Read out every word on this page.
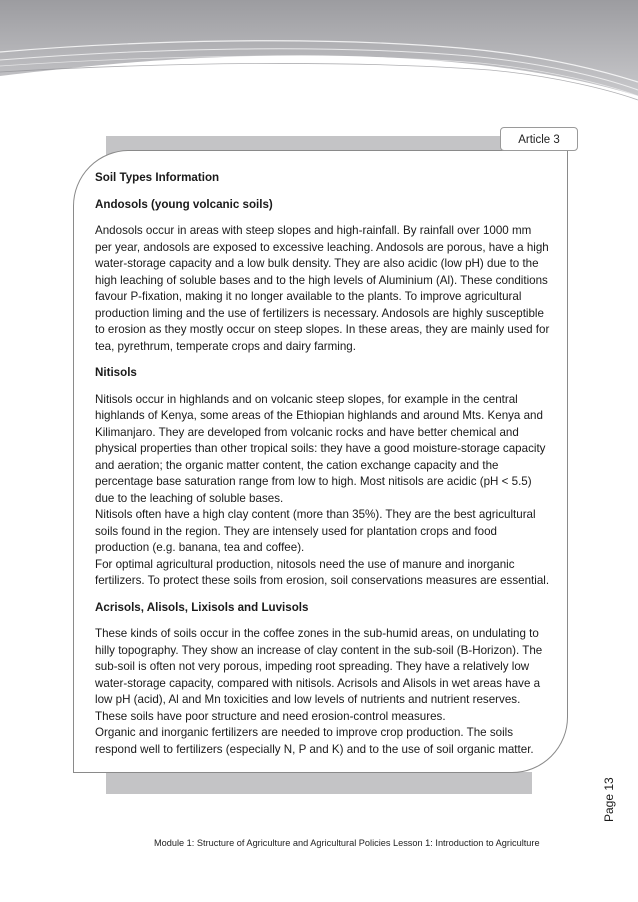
Article 3
Soil Types Information
Andosols (young volcanic soils)

Andosols occur in areas with steep slopes and high-rainfall. By rainfall over 1000 mm per year, andosols are exposed to excessive leaching. Andosols are porous, have a high water-storage capacity and a low bulk density. They are also acidic (low pH) due to the high leaching of soluble bases and to the high levels of Aluminium (Al). These conditions favour P-fixation, making it no longer available to the plants. To improve agricultural production liming and the use of fertilizers is necessary. Andosols are highly susceptible to erosion as they mostly occur on steep slopes. In these areas, they are mainly used for tea, pyrethrum, temperate crops and dairy farming.

Nitisols

Nitisols occur in highlands and on volcanic steep slopes, for example in the central highlands of Kenya, some areas of the Ethiopian highlands and around Mts. Kenya and Kilimanjaro. They are developed from volcanic rocks and have better chemical and physical properties than other tropical soils: they have a good moisture-storage capacity and aeration; the organic matter content, the cation exchange capacity and the percentage base saturation range from low to high. Most nitisols are acidic (pH < 5.5) due to the leaching of soluble bases.

Nitisols often have a high clay content (more than 35%). They are the best agricultural soils found in the region. They are intensely used for plantation crops and food production (e.g. banana, tea and coffee).

For optimal agricultural production, nitosols need the use of manure and inorganic fertilizers. To protect these soils from erosion, soil conservations measures are essential.

Acrisols, Alisols, Lixisols and Luvisols

These kinds of soils occur in the coffee zones in the sub-humid areas, on undulating to hilly topography. They show an increase of clay content in the sub-soil (B-Horizon). The sub-soil is often not very porous, impeding root spreading. They have a relatively low water-storage capacity, compared with nitisols. Acrisols and Alisols in wet areas have a low pH (acid), Al and Mn toxicities and low levels of nutrients and nutrient reserves. These soils have poor structure and need erosion-control measures.

Organic and inorganic fertilizers are needed to improve crop production. The soils respond well to fertilizers (especially N, P and K) and to the use of soil organic matter.

Page 13
Module 1: Structure of Agriculture and Agricultural Policies Lesson 1: Introduction to Agriculture
